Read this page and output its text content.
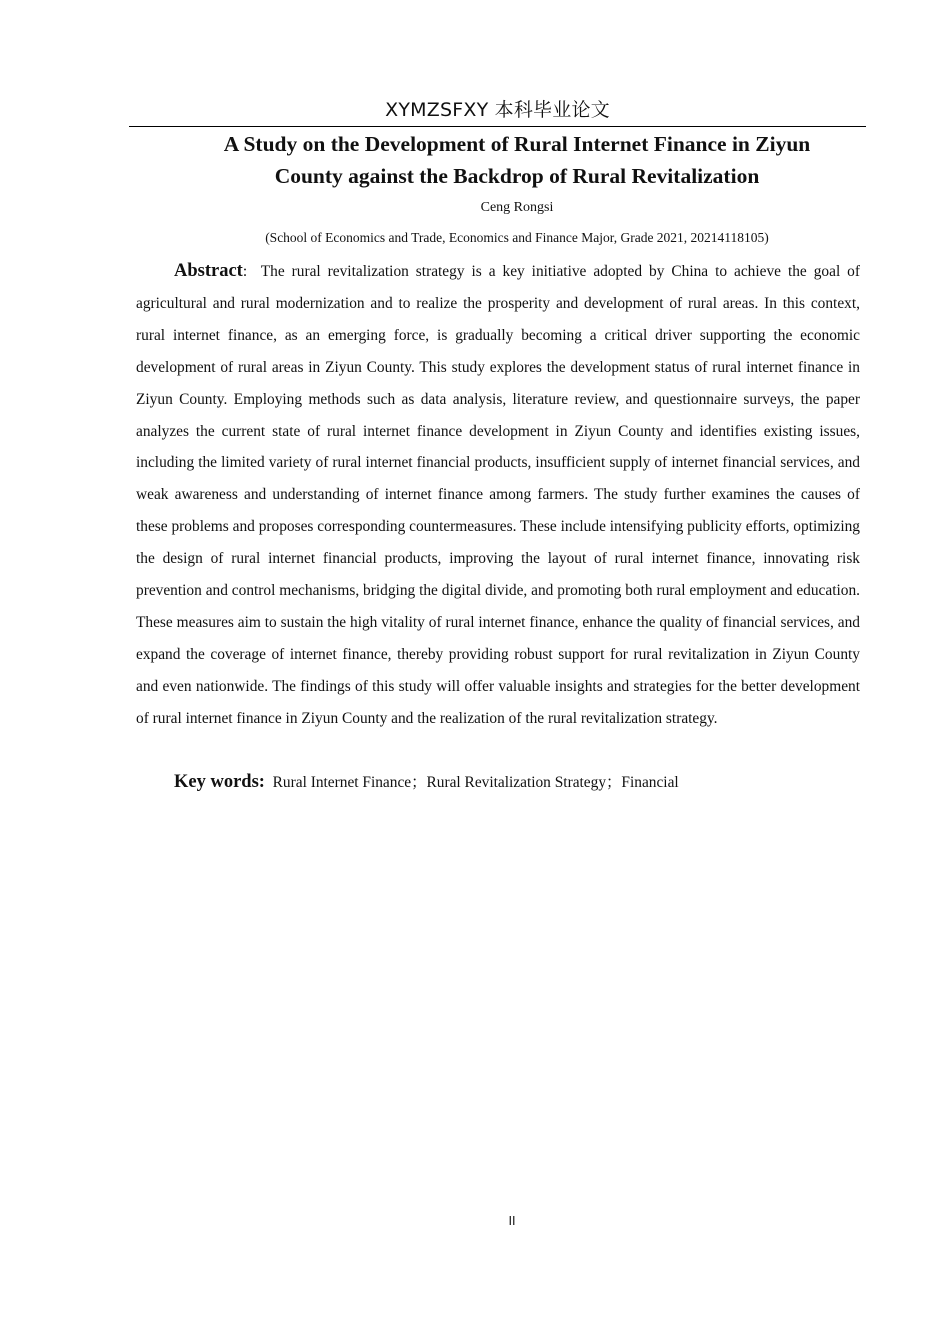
XYMZSFXY 本科毕业论文
A Study on the Development of Rural Internet Finance in Ziyun
County against the Backdrop of Rural Revitalization
Ceng Rongsi
(School of Economics and Trade, Economics and Finance Major, Grade 2021, 20214118105)

Abstract: The rural revitalization strategy is a key initiative adopted by China to achieve the goal of agricultural and rural modernization and to realize the prosperity and development of rural areas. In this context, rural internet finance, as an emerging force, is gradually becoming a critical driver supporting the economic development of rural areas in Ziyun County. This study explores the development status of rural internet finance in Ziyun County. Employing methods such as data analysis, literature review, and questionnaire surveys, the paper analyzes the current state of rural internet finance development in Ziyun County and identifies existing issues, including the limited variety of rural internet financial products, insufficient supply of internet financial services, and weak awareness and understanding of internet finance among farmers. The study further examines the causes of these problems and proposes corresponding countermeasures. These include intensifying publicity efforts, optimizing the design of rural internet financial products, improving the layout of rural internet finance, innovating risk prevention and control mechanisms, bridging the digital divide, and promoting both rural employment and education. These measures aim to sustain the high vitality of rural internet finance, enhance the quality of financial services, and expand the coverage of internet finance, thereby providing robust support for rural revitalization in Ziyun County and even nationwide. The findings of this study will offer valuable insights and strategies for the better development of rural internet finance in Ziyun County and the realization of the rural revitalization strategy.

Key words: Rural Internet Finance；Rural Revitalization Strategy；Financial

II
